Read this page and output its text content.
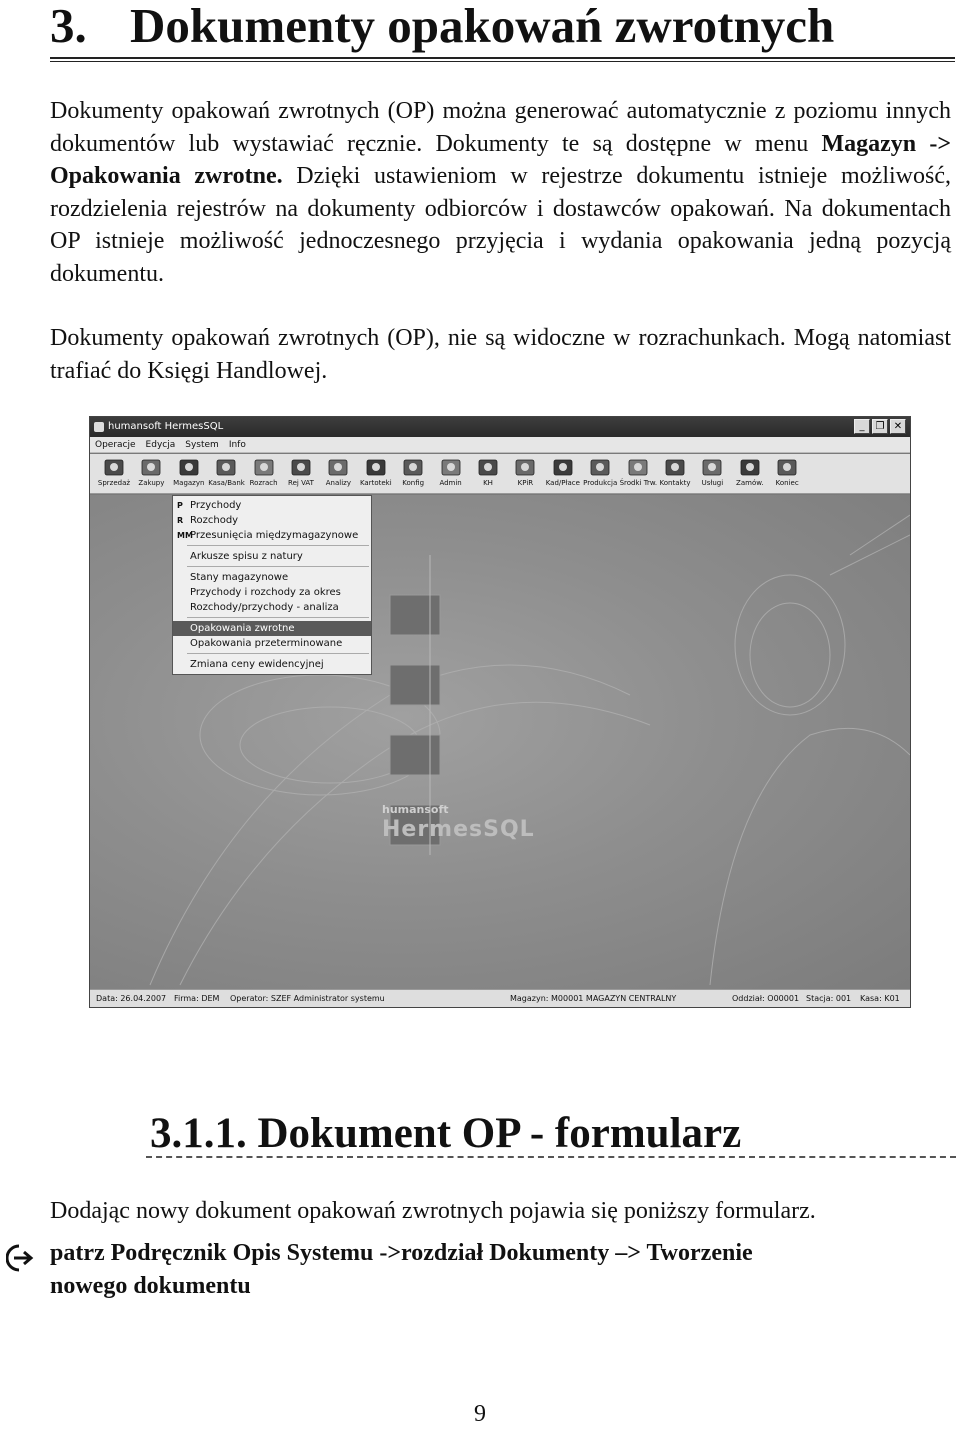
3. Dokumenty opakowań zwrotnych
Dokumenty opakowań zwrotnych (OP) można generować automatycznie z poziomu innych dokumentów lub wystawiać ręcznie. Dokumenty te są dostępne w menu Magazyn -> Opakowania zwrotne. Dzięki ustawieniom w rejestrze dokumentu istnieje możliwość, rozdzielenia rejestrów na dokumenty odbiorców i dostawców opakowań. Na dokumentach OP istnieje możliwość jednoczesnego przyjęcia i wydania opakowania jedną pozycją dokumentu.
Dokumenty opakowań zwrotnych (OP), nie są widoczne w rozrachunkach. Mogą natomiast trafiać do Księgi Handlowej.
humansoft HermesSQL	_	❐ ✕
Operacje Edycja System Info
Sprzedaż	Zakupy	Magazyn Kasa/Bank Rozrach	Rej VAT	Analizy	Kartoteki	Konfig	Admin	KH	KPiR	Kad/Płace Produkcja Środki Trw. Kontakty	Usługi	Zamów.	Koniec
humansoft
HermesSQL
P Przychody
R Rozchody
MM
Przesunięcia międzymagazynowe
Arkusze spisu z natury
Stany magazynowe
Przychody i rozchody za okres
Rozchody/przychody - analiza
Opakowania zwrotne
Opakowania przeterminowane
Zmiana ceny ewidencyjnej
Data: 26.04.2007 Firma: DEM Operator: SZEF Administrator systemu	Magazyn: M00001 MAGAZYN CENTRALNY	Oddział: O00001 Stacja: 001 Kasa: K01
3.1.1. Dokument OP - formularz
Dodając nowy dokument opakowań zwrotnych pojawia się poniższy formularz.
patrz Podręcznik Opis Systemu ->rozdział Dokumenty –> Tworzenie
nowego dokumentu
9
